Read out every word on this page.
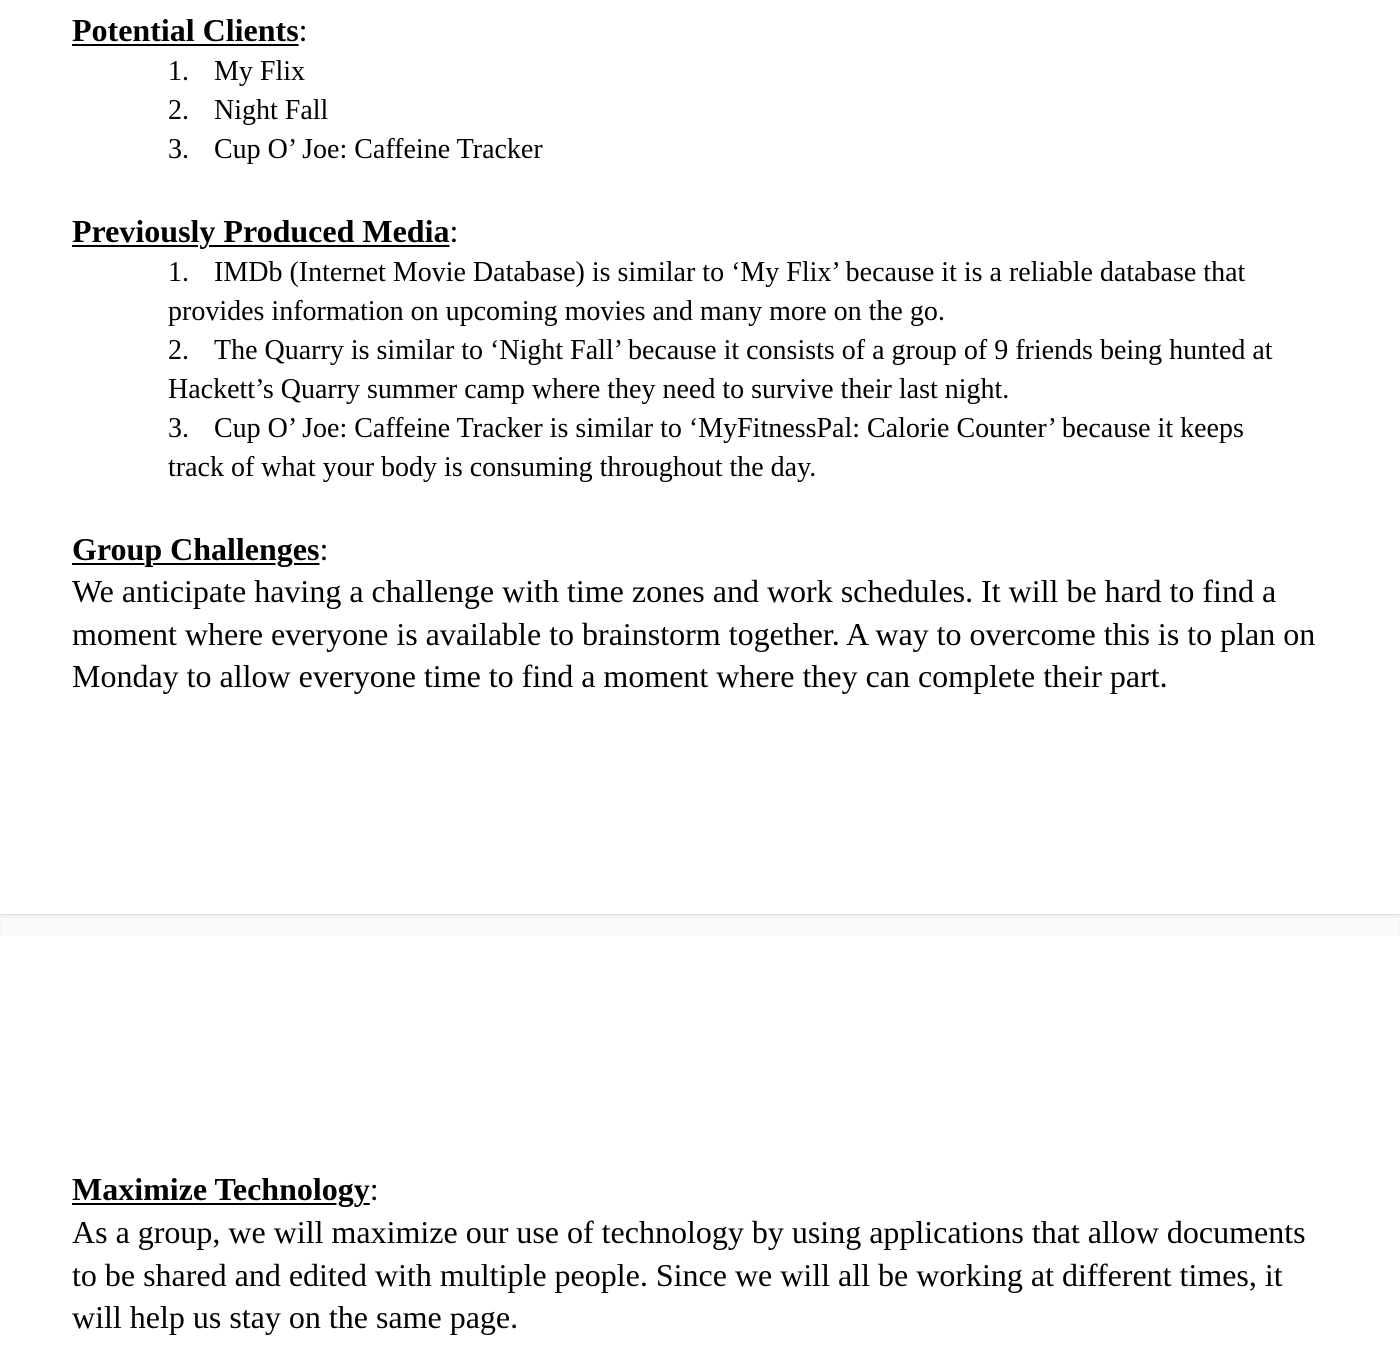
Potential Clients:
1. My Flix
2. Night Fall
3. Cup O’ Joe: Caffeine Tracker
Previously Produced Media:
1. IMDb (Internet Movie Database) is similar to ‘My Flix’ because it is a reliable database that provides information on upcoming movies and many more on the go.
2. The Quarry is similar to ‘Night Fall’ because it consists of a group of 9 friends being hunted at Hackett’s Quarry summer camp where they need to survive their last night.
3. Cup O’ Joe: Caffeine Tracker is similar to ‘MyFitnessPal: Calorie Counter’ because it keeps track of what your body is consuming throughout the day.
Group Challenges:

We anticipate having a challenge with time zones and work schedules. It will be hard to find a moment where everyone is available to brainstorm together. A way to overcome this is to plan on Monday to allow everyone time to find a moment where they can complete their part.

Maximize Technology:

As a group, we will maximize our use of technology by using applications that allow documents to be shared and edited with multiple people. Since we will all be working at different times, it will help us stay on the same page.
